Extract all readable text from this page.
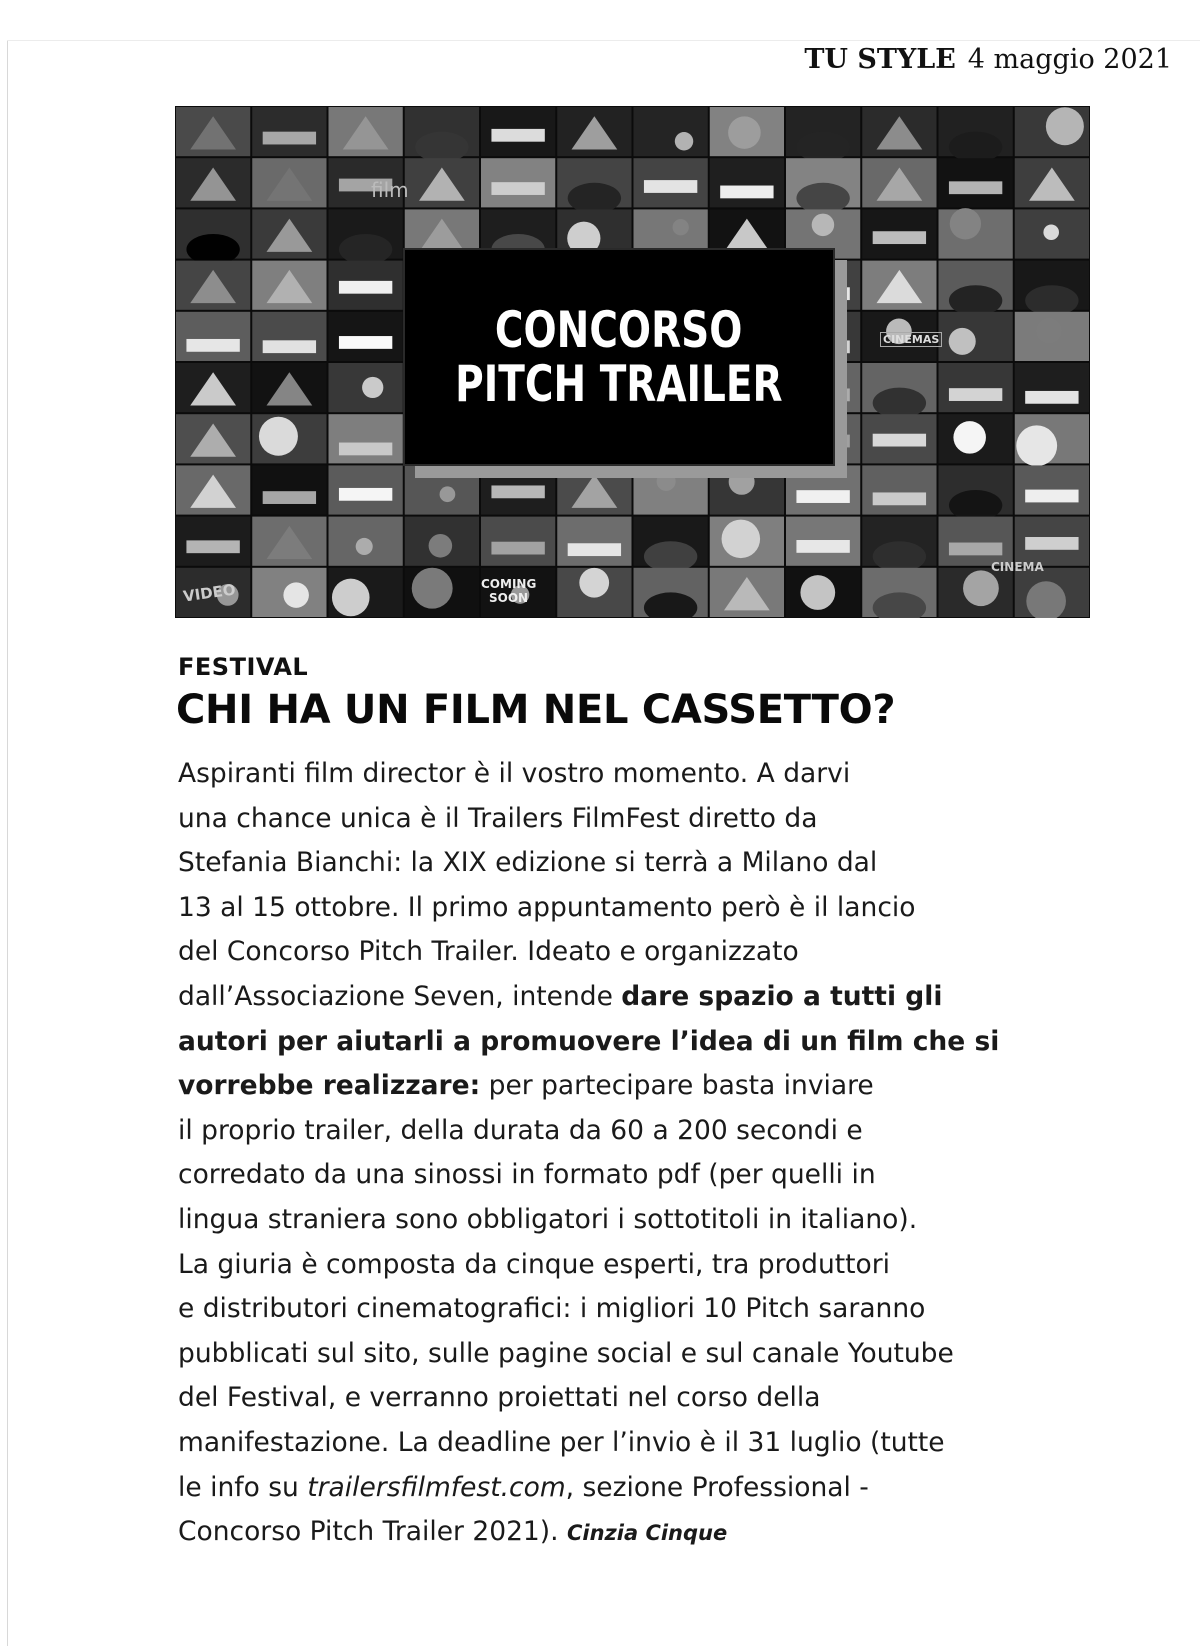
TU STYLE 4 maggio 2021
CONCORSO
PITCH TRAILER
CINEMAS
COMING
SOON
CINEMA
film
VIDEO
FESTIVAL
CHI HA UN FILM NEL CASSETTO?
Aspiranti film director è il vostro momento. A darvi
una chance unica è il Trailers FilmFest diretto da
Stefania Bianchi: la XIX edizione si terrà a Milano dal
13 al 15 ottobre. Il primo appuntamento però è il lancio
del Concorso Pitch Trailer. Ideato e organizzato
dall’Associazione Seven, intende dare spazio a tutti gli
autori per aiutarli a promuovere l’idea di un film che si
vorrebbe realizzare: per partecipare basta inviare
il proprio trailer, della durata da 60 a 200 secondi e
corredato da una sinossi in formato pdf (per quelli in
lingua straniera sono obbligatori i sottotitoli in italiano).
La giuria è composta da cinque esperti, tra produttori
e distributori cinematografici: i migliori 10 Pitch saranno
pubblicati sul sito, sulle pagine social e sul canale Youtube
del Festival, e verranno proiettati nel corso della
manifestazione. La deadline per l’invio è il 31 luglio (tutte
le info su trailersfilmfest.com, sezione Professional -
Concorso Pitch Trailer 2021). Cinzia Cinque
